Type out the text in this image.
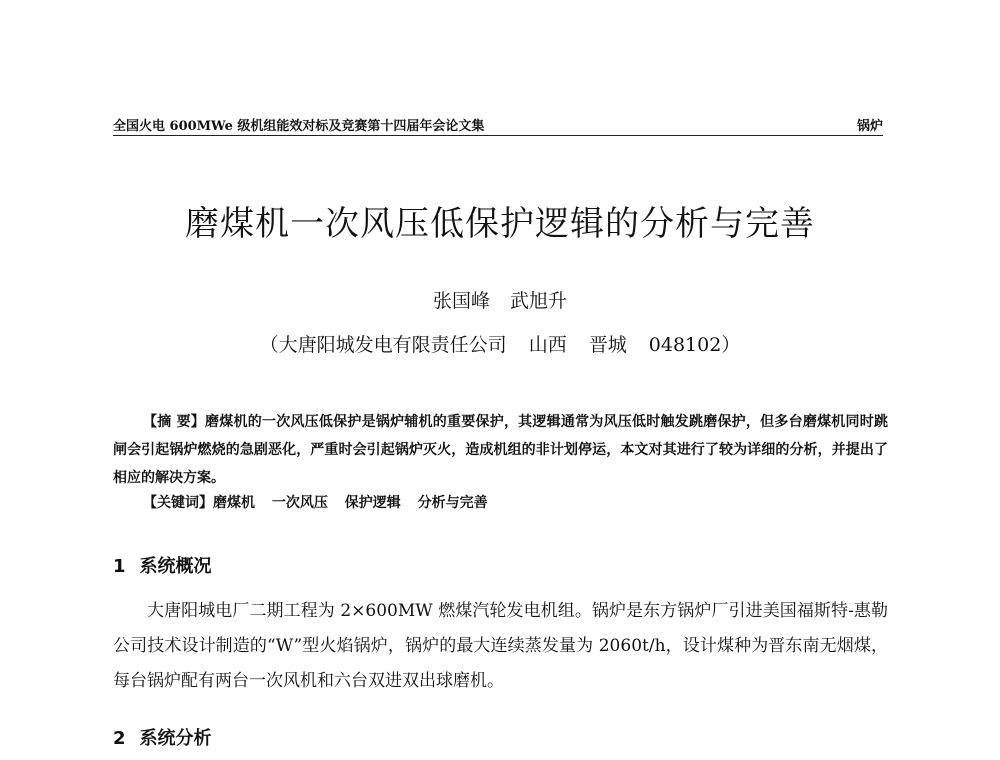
全国火电 600MWe 级机组能效对标及竞赛第十四届年会论文集	锅炉
磨煤机一次风压低保护逻辑的分析与完善
张国峰 武旭升
（大唐阳城发电有限责任公司 山西 晋城 048102）
【摘 要】磨煤机的一次风压低保护是锅炉辅机的重要保护，其逻辑通常为风压低时触发跳磨保护，但多台磨煤机同时跳闸会引起锅炉燃烧的急剧恶化，严重时会引起锅炉灭火，造成机组的非计划停运，本文对其进行了较为详细的分析，并提出了相应的解决方案。
【关键词】磨煤机 一次风压 保护逻辑 分析与完善
1 系统概况
大唐阳城电厂二期工程为 2×600MW 燃煤汽轮发电机组。锅炉是东方锅炉厂引进美国福斯特-惠勒公司技术设计制造的“W”型火焰锅炉，锅炉的最大连续蒸发量为 2060t/h，设计煤种为晋东南无烟煤，每台锅炉配有两台一次风机和六台双进双出球磨机。
2 系统分析
